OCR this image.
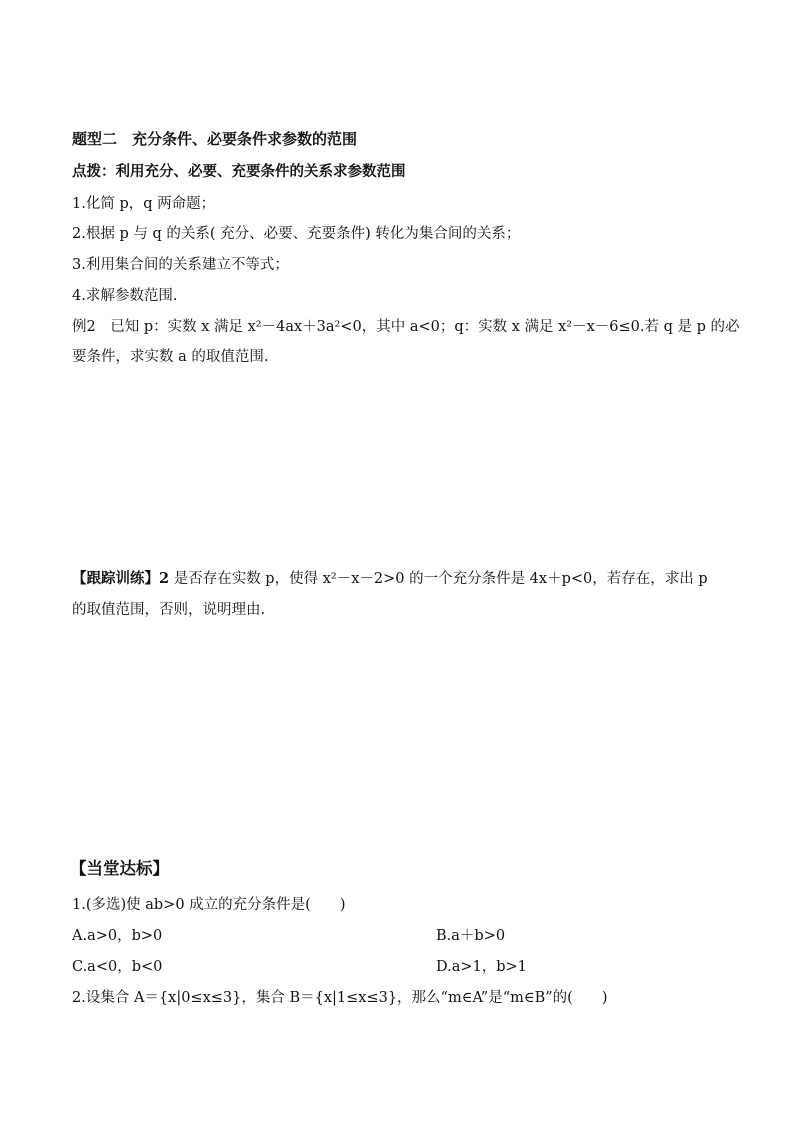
题型二　充分条件、必要条件求参数的范围
点拨：利用充分、必要、充要条件的关系求参数范围
1.化简 p，q 两命题；
2.根据 p 与 q 的关系( 充分、必要、充要条件) 转化为集合间的关系；
3.利用集合间的关系建立不等式；
4.求解参数范围.
例2　已知 p：实数 x 满足 x²－4ax＋3a²<0，其中 a<0；q：实数 x 满足 x²－x－6≤0.若 q 是 p 的必
要条件，求实数 a 的取值范围.
【跟踪训练】2 是否存在实数 p，使得 x²－x－2>0 的一个充分条件是 4x＋p<0，若存在，求出 p
的取值范围，否则，说明理由.
【当堂达标】
1.(多选)使 ab>0 成立的充分条件是(　　)
A.a>0，b>0	B.a＋b>0
C.a<0，b<0	D.a>1，b>1
2.设集合 A＝{x|0≤x≤3}，集合 B＝{x|1≤x≤3}，那么“m∈A”是“m∈B”的(　　)
